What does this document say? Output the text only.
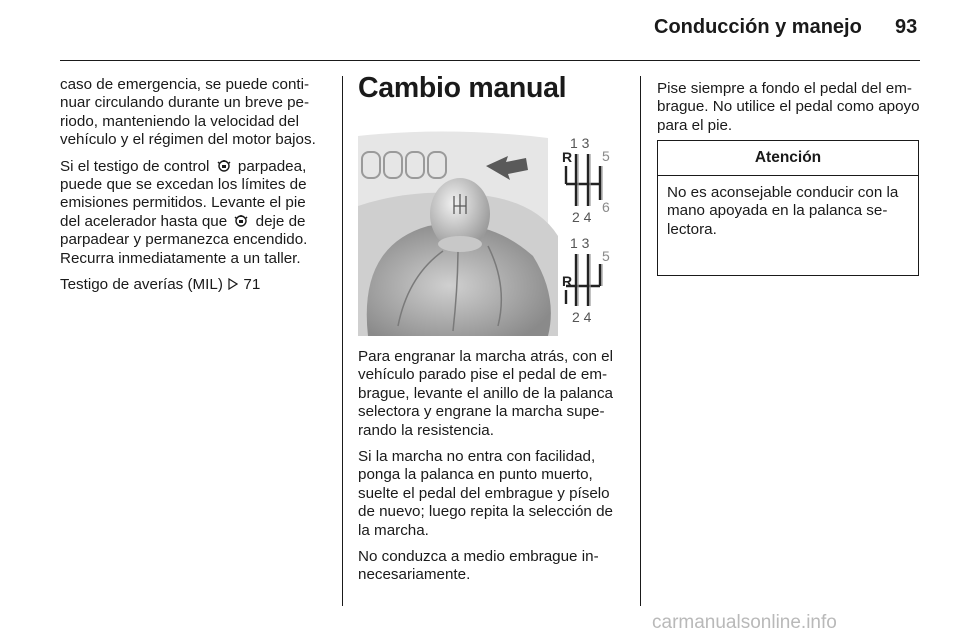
Conducción y manejo 93

caso de emergencia, se puede continuar circulando durante un breve periodo, manteniendo la velocidad del vehículo y el régimen del motor bajos.

Si el testigo de control  parpadea, puede que se excedan los límites de emisiones permitidos. Levante el pie del acelerador hasta que  deje de parpadear y permanezca encendido. Recurra inmediatamente a un taller.

Testigo de averías (MIL) 71

Cambio manual
1 3
5
R
2 4
6
1 3
5
R
2 4

Para engranar la marcha atrás, con el vehículo parado pise el pedal de embrague, levante el anillo de la palanca selectora y engrane la marcha superando la resistencia.

Si la marcha no entra con facilidad, ponga la palanca en punto muerto, suelte el pedal del embrague y píselo de nuevo; luego repita la selección de la marcha.

No conduzca a medio embrague innecesariamente.

Pise siempre a fondo el pedal del embrague. No utilice el pedal como apoyo para el pie.

Atención
No es aconsejable conducir con la mano apoyada en la palanca selectora.
carmanualsonline.info
